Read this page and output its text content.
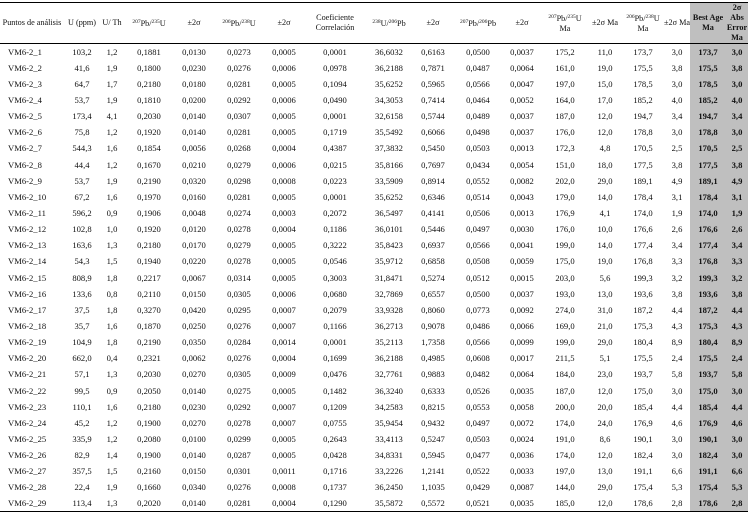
Puntos de análisis	U (ppm)	U/ Th	$^{207}$Pb/$^{235}$U	±2σ	$^{206}$Pb/$^{238}$U	±2σ	Coeficiente Correlación	$^{238}$U/$^{206}$Pb	±2σ	$^{207}$Pb/$^{206}$Pb	±2σ	$^{207}$Pb/$^{235}$U Ma	±2σ Ma	$^{206}$Pb/$^{238}$U Ma	±2σ Ma	Best Age Ma	2σ Abs Error Ma
VM6-2_1	103,2	1,2	0,1881	0,0130	0,0273	0,0005	0,0001	36,6032	0,6163	0,0500	0,0037	175,2	11,0	173,7	3,0	173,7	3,0
VM6-2_2	41,6	1,9	0,1800	0,0230	0,0276	0,0006	0,0978	36,2188	0,7871	0,0487	0,0064	161,0	19,0	175,5	3,8	175,5	3,8
VM6-2_3	64,7	1,7	0,2180	0,0180	0,0281	0,0005	0,1094	35,6252	0,5965	0,0566	0,0047	197,0	15,0	178,5	3,0	178,5	3,0
VM6-2_4	53,7	1,9	0,1810	0,0200	0,0292	0,0006	0,0490	34,3053	0,7414	0,0464	0,0052	164,0	17,0	185,2	4,0	185,2	4,0
VM6-2_5	173,4	4,1	0,2030	0,0140	0,0307	0,0005	0,0001	32,6158	0,5744	0,0489	0,0037	187,0	12,0	194,7	3,4	194,7	3,4
VM6-2_6	75,8	1,2	0,1920	0,0140	0,0281	0,0005	0,1719	35,5492	0,6066	0,0498	0,0037	176,0	12,0	178,8	3,0	178,8	3,0
VM6-2_7	544,3	1,6	0,1854	0,0056	0,0268	0,0004	0,4387	37,3832	0,5450	0,0503	0,0013	172,3	4,8	170,5	2,5	170,5	2,5
VM6-2_8	44,4	1,2	0,1670	0,0210	0,0279	0,0006	0,0215	35,8166	0,7697	0,0434	0,0054	151,0	18,0	177,5	3,8	177,5	3,8
VM6-2_9	53,7	1,9	0,2190	0,0320	0,0298	0,0008	0,0223	33,5909	0,8914	0,0552	0,0082	202,0	29,0	189,1	4,9	189,1	4,9
VM6-2_10	67,2	1,6	0,1970	0,0160	0,0281	0,0005	0,0001	35,6252	0,6346	0,0514	0,0043	179,0	14,0	178,4	3,1	178,4	3,1
VM6-2_11	596,2	0,9	0,1906	0,0048	0,0274	0,0003	0,2072	36,5497	0,4141	0,0506	0,0013	176,9	4,1	174,0	1,9	174,0	1,9
VM6-2_12	102,8	1,0	0,1920	0,0120	0,0278	0,0004	0,1186	36,0101	0,5446	0,0497	0,0030	176,0	10,0	176,6	2,6	176,6	2,6
VM6-2_13	163,6	1,3	0,2180	0,0170	0,0279	0,0005	0,3222	35,8423	0,6937	0,0566	0,0041	199,0	14,0	177,4	3,4	177,4	3,4
VM6-2_14	54,3	1,5	0,1940	0,0220	0,0278	0,0005	0,0546	35,9712	0,6858	0,0508	0,0059	175,0	19,0	176,8	3,3	176,8	3,3
VM6-2_15	808,9	1,8	0,2217	0,0067	0,0314	0,0005	0,3003	31,8471	0,5274	0,0512	0,0015	203,0	5,6	199,3	3,2	199,3	3,2
VM6-2_16	133,6	0,8	0,2110	0,0150	0,0305	0,0006	0,0680	32,7869	0,6557	0,0500	0,0037	193,0	13,0	193,6	3,8	193,6	3,8
VM6-2_17	37,5	1,8	0,3270	0,0420	0,0295	0,0007	0,2079	33,9328	0,8060	0,0773	0,0092	274,0	31,0	187,2	4,4	187,2	4,4
VM6-2_18	35,7	1,6	0,1870	0,0250	0,0276	0,0007	0,1166	36,2713	0,9078	0,0486	0,0066	169,0	21,0	175,3	4,3	175,3	4,3
VM6-2_19	104,9	1,8	0,2190	0,0350	0,0284	0,0014	0,0001	35,2113	1,7358	0,0566	0,0099	199,0	29,0	180,4	8,9	180,4	8,9
VM6-2_20	662,0	0,4	0,2321	0,0062	0,0276	0,0004	0,1699	36,2188	0,4985	0,0608	0,0017	211,5	5,1	175,5	2,4	175,5	2,4
VM6-2_21	57,1	1,3	0,2030	0,0270	0,0305	0,0009	0,0476	32,7761	0,9883	0,0482	0,0064	184,0	23,0	193,7	5,8	193,7	5,8
VM6-2_22	99,5	0,9	0,2050	0,0140	0,0275	0,0005	0,1482	36,3240	0,6333	0,0526	0,0035	187,0	12,0	175,0	3,0	175,0	3,0
VM6-2_23	110,1	1,6	0,2180	0,0230	0,0292	0,0007	0,1209	34,2583	0,8215	0,0553	0,0058	200,0	20,0	185,4	4,4	185,4	4,4
VM6-2_24	45,2	1,2	0,1900	0,0270	0,0278	0,0007	0,0755	35,9454	0,9432	0,0497	0,0072	174,0	24,0	176,9	4,6	176,9	4,6
VM6-2_25	335,9	1,2	0,2080	0,0100	0,0299	0,0005	0,2643	33,4113	0,5247	0,0503	0,0024	191,0	8,6	190,1	3,0	190,1	3,0
VM6-2_26	82,9	1,4	0,1900	0,0140	0,0287	0,0005	0,0428	34,8331	0,5945	0,0477	0,0036	174,0	12,0	182,4	3,0	182,4	3,0
VM6-2_27	357,5	1,5	0,2160	0,0150	0,0301	0,0011	0,1716	33,2226	1,2141	0,0522	0,0033	197,0	13,0	191,1	6,6	191,1	6,6
VM6-2_28	22,4	1,9	0,1660	0,0340	0,0276	0,0008	0,1737	36,2450	1,1035	0,0429	0,0087	144,0	29,0	175,4	5,3	175,4	5,3
VM6-2_29	113,4	1,3	0,2020	0,0140	0,0281	0,0004	0,1290	35,5872	0,5572	0,0521	0,0035	185,0	12,0	178,6	2,8	178,6	2,8
